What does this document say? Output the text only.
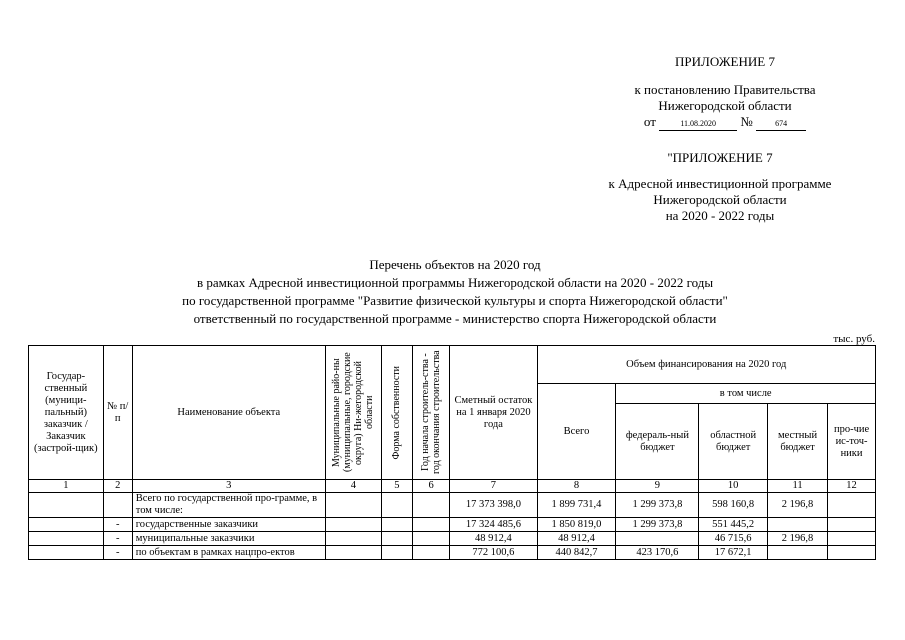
ПРИЛОЖЕНИЕ 7
к постановлению Правительства
Нижегородской области
от	11.08.2020 №	674
"ПРИЛОЖЕНИЕ 7
к Адресной инвестиционной программе
Нижегородской области
на 2020 - 2022 годы
Перечень объектов на 2020 год
в рамках Адресной инвестиционной программы Нижегородской области на 2020 - 2022 годы
по государственной программе "Развитие физической культуры и спорта Нижегородской области"
ответственный по государственной программе - министерство спорта Нижегородской области
тыс. руб.
Государ-ственный (муници-пальный) заказчик / Заказчик (застрой-щик)	№ п/п	Наименование объекта	Муниципальные райо-ны (муниципальные, городские округа) Ни-жегородской области	Форма собственности	Год начала строитель-ства - год окончания строительства	Сметный остаток на 1 января 2020 года	Объем финансирования на 2020 год				
							Всего	в том числе			
								федераль-ный бюджет	областной бюджет	местный бюджет	про-чие ис-точ-ники
1	2	3	4	5	6	7	8	9	10	11	12
		Всего по государственной про-грамме, в том числе:				17 373 398,0	1 899 731,4	1 299 373,8	598 160,8	2 196,8	
	-	государственные заказчики				17 324 485,6	1 850 819,0	1 299 373,8	551 445,2		
	-	муниципальные заказчики				48 912,4	48 912,4		46 715,6	2 196,8	
	-	по объектам в рамках нацпро-ектов				772 100,6	440 842,7	423 170,6	17 672,1		
